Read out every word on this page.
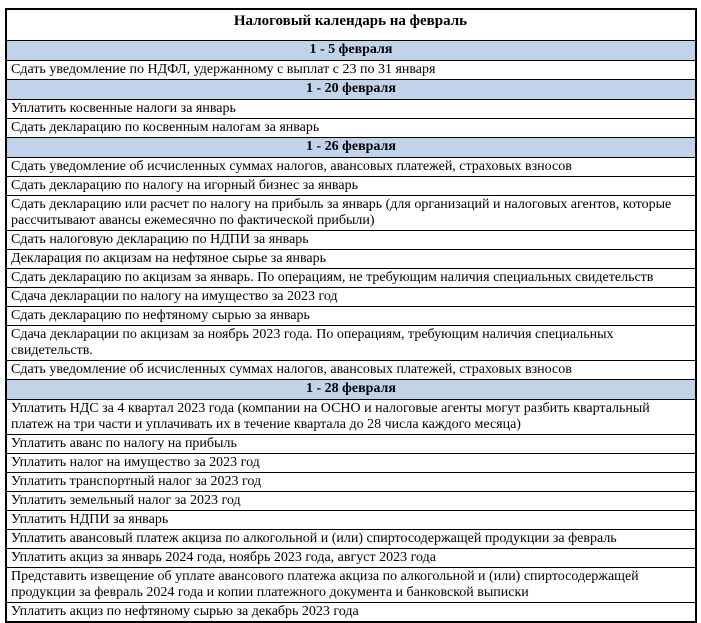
Налоговый календарь на февраль
1 - 5 февраля
Сдать уведомление по НДФЛ, удержанному с выплат с 23 по 31 января
1 - 20 февраля
Уплатить косвенные налоги за январь
Сдать декларацию по косвенным налогам за январь
1 - 26 февраля
Сдать уведомление об исчисленных суммах налогов, авансовых платежей, страховых взносов
Сдать декларацию по налогу на игорный бизнес за январь
Сдать декларацию или расчет по налогу на прибыль за январь (для организаций и налоговых агентов, которые рассчитывают авансы ежемесячно по фактической прибыли)
Сдать налоговую декларацию по НДПИ за январь
Декларация по акцизам на нефтяное сырье за январь
Сдать декларацию по акцизам за январь. По операциям, не требующим наличия специальных свидетельств
Сдача декларации по налогу на имущество за 2023 год
Сдать декларацию по нефтяному сырью за январь
Сдача декларации по акцизам за ноябрь 2023 года. По операциям, требующим наличия специальных свидетельств.
Сдать уведомление об исчисленных суммах налогов, авансовых платежей, страховых взносов
1 - 28 февраля
Уплатить НДС за 4 квартал 2023 года (компании на ОСНО и налоговые агенты могут разбить квартальный платеж на три части и уплачивать их в течение квартала до 28 числа каждого месяца)
Уплатить аванс по налогу на прибыль
Уплатить налог на имущество за 2023 год
Уплатить транспортный налог за 2023 год
Уплатить земельный налог за 2023 год
Уплатить НДПИ за январь
Уплатить авансовый платеж акциза по алкогольной и (или) спиртосодержащей продукции за февраль
Уплатить акциз за январь 2024 года, ноябрь 2023 года, август 2023 года
Представить извещение об уплате авансового платежа акциза по алкогольной и (или) спиртосодержащей продукции за февраль 2024 года и копии платежного документа и банковской выписки
Уплатить акциз по нефтяному сырью за декабрь 2023 года
